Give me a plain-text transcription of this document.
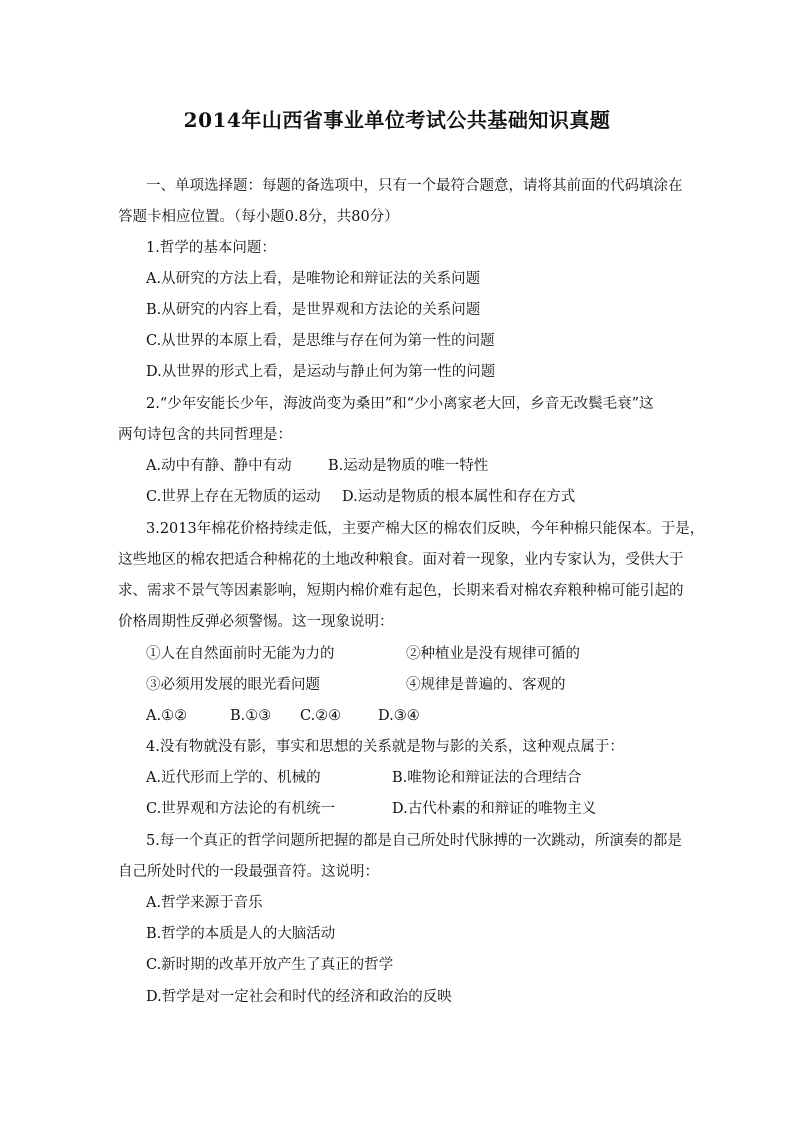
2014年山西省事业单位考试公共基础知识真题
一、单项选择题：每题的备选项中，只有一个最符合题意，请将其前面的代码填涂在
答题卡相应位置。（每小题0.8分，共80分）
1.哲学的基本问题：
A.从研究的方法上看，是唯物论和辩证法的关系问题
B.从研究的内容上看，是世界观和方法论的关系问题
C.从世界的本原上看，是思维与存在何为第一性的问题
D.从世界的形式上看，是运动与静止何为第一性的问题
2.“少年安能长少年，海波尚变为桑田”和“少小离家老大回，乡音无改鬓毛衰”这
两句诗包含的共同哲理是：
A.动中有静、静中有动	B.运动是物质的唯一特性
C.世界上存在无物质的运动 D.运动是物质的根本属性和存在方式
3.2013年棉花价格持续走低，主要产棉大区的棉农们反映，今年种棉只能保本。于是，
这些地区的棉农把适合种棉花的土地改种粮食。面对着一现象，业内专家认为，受供大于
求、需求不景气等因素影响，短期内棉价难有起色，长期来看对棉农弃粮种棉可能引起的
价格周期性反弹必须警惕。这一现象说明：
①人在自然面前时无能为力的	②种植业是没有规律可循的
③必须用发展的眼光看问题	④规律是普遍的、客观的
A.①②	B.①③ C.②④	D.③④
4.没有物就没有影，事实和思想的关系就是物与影的关系，这种观点属于：
A.近代形而上学的、机械的	B.唯物论和辩证法的合理结合
C.世界观和方法论的有机统一	D.古代朴素的和辩证的唯物主义
5.每一个真正的哲学问题所把握的都是自己所处时代脉搏的一次跳动，所演奏的都是
自己所处时代的一段最强音符。这说明：
A.哲学来源于音乐
B.哲学的本质是人的大脑活动
C.新时期的改革开放产生了真正的哲学
D.哲学是对一定社会和时代的经济和政治的反映
